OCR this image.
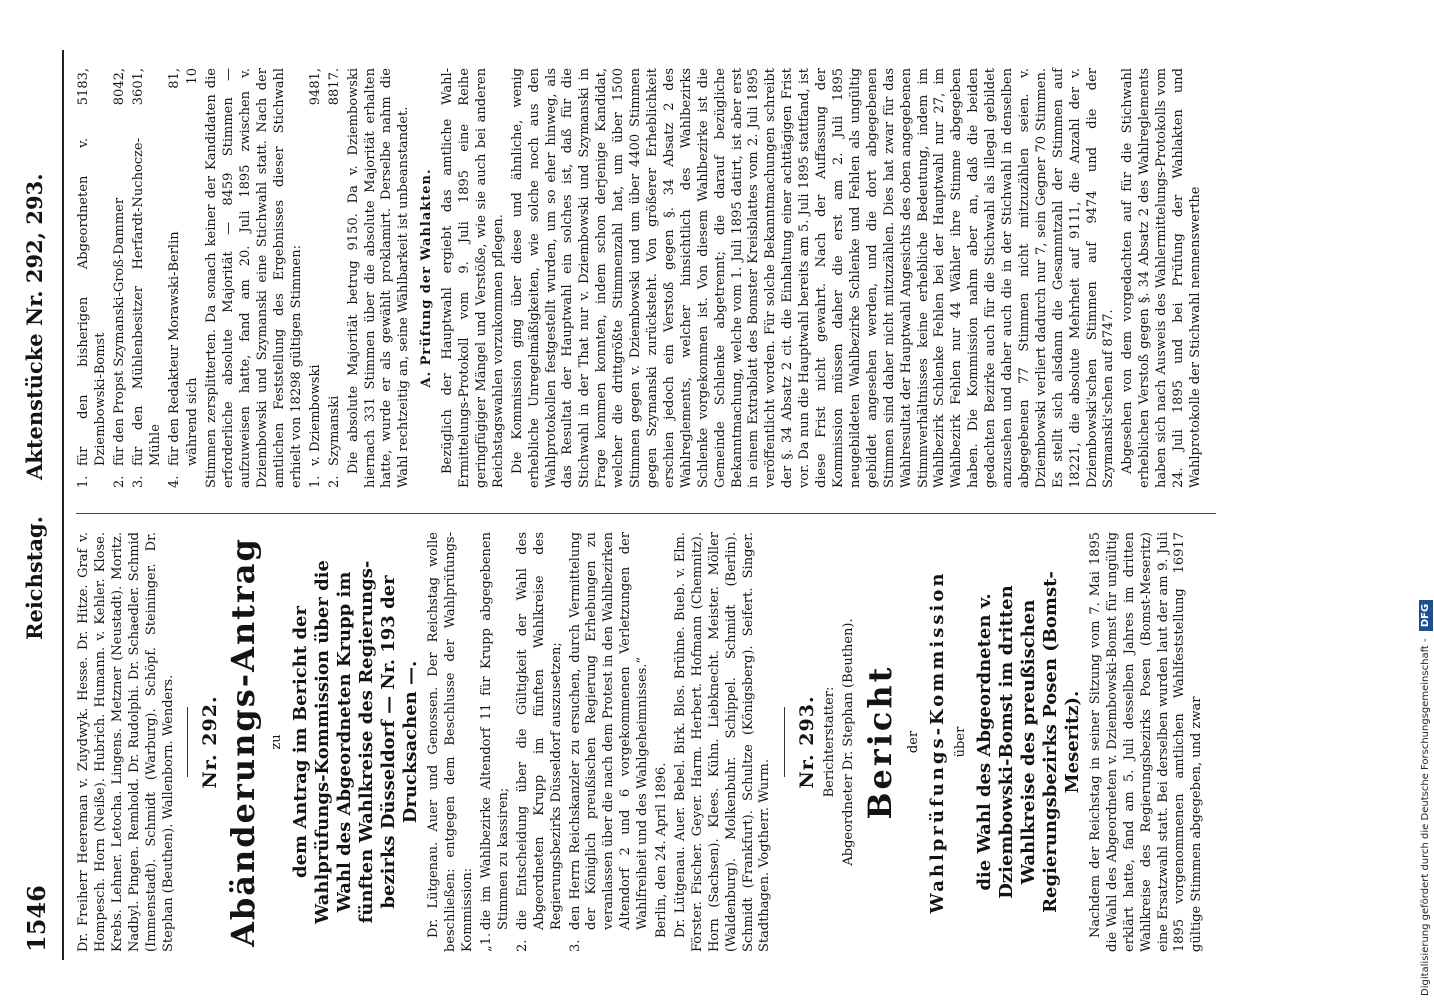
1546
Reichstag.
Aktenstücke Nr. 292, 293.

Dr. Freiherr Heereman v. Zuydwyk. Hesse. Dr. Hitze. Graf v. Hompesch. Horn (Neiße). Hubrich. Humann. v. Kehler. Klose. Krebs. Lehner. Letocha. Lingens. Metzner (Neustadt). Moritz. Nadbyl. Pingen. Remhold. Dr. Rudolphi. Dr. Schaedler. Schmid (Immenstadt). Schmidt (Warburg). Schöpf. Steininger. Dr. Stephan (Beuthen). Wallenborn. Wenders. Nr. 292. Abänderungs-Antrag zu dem Antrag im Bericht der Wahlprüfungs-Kommission über die Wahl des Abgeordneten Krupp im fünften Wahlkreise des Regierungs-bezirks Düsseldorf — Nr. 193 der Drucksachen —. Dr. Lütgenau. Auer und Genossen. Der Reichstag wolle beschließen: entgegen dem Beschlusse der Wahlprüfungs-Kommission: „1.
die im Wahlbezirke Altendorf 11 für Krupp abgegebenen Stimmen zu kassiren;

2.
die Entscheidung über die Gültigkeit der Wahl des Abgeordneten Krupp im fünften Wahlkreise des Regierungsbezirks Düsseldorf auszusetzen;

3.
den Herrn Reichskanzler zu ersuchen, durch Vermittelung der Königlich preußischen Regierung Erhebungen zu veranlassen über die nach dem Protest in den Wahlbezirken Altendorf 2 und 6 vorgekommenen Verletzungen der Wahlfreiheit und des Wahlgeheimnisses.“ Berlin, den 24. April 1896. Dr. Lütgenau. Auer. Bebel. Birk. Blos. Brühne. Bueb. v. Elm. Förster. Fischer. Geyer. Harm. Herbert. Hofmann (Chemnitz). Horn (Sachsen). Klees. Kühn. Liebknecht. Meister. Möller (Waldenburg). Molkenbuhr. Schippel. Schmidt (Berlin). Schmidt (Frankfurt). Schultze (Königsberg). Seifert. Singer. Stadthagen. Vogtherr. Wurm.

Nr. 293. Berichterstatter: Abgeordneter Dr. Stephan (Beuthen). Bericht der Wahlprüfungs-Kommission über die Wahl des Abgeordneten v. Dziembowski-Bomst im dritten Wahlkreise des preußischen Regierungsbezirks Posen (Bomst-Meseritz). Nachdem der Reichstag in seiner Sitzung vom 7. Mai 1895 die Wahl des Abgeordneten v. Dziembowski-Bomst für ungültig erklärt hatte, fand am 5. Juli desselben Jahres im dritten Wahlkreise des Regierungsbezirks Posen (Bomst-Meseritz) eine Ersatzwahl statt. Bei derselben wurden laut der am 9. Juli 1895 vorgenommenen amtlichen Wahlfeststellung 16917 gültige Stimmen abgegeben, und zwar

1.
für den bisherigen Abgeordneten v. Dziembowski-Bomst
5183,
2.
für den Propst Szymanski-Groß-Dammer
8042,
3.
für den Mühlenbesitzer Herfardt-Nuchocze-Mühle
3601,
4.
für den Redakteur Morawski-Berlin
81,
während sich
10 Stimmen zersplitterten. Da sonach keiner der Kandidaten die erforderliche absolute Majorität — 8459 Stimmen — aufzuweisen hatte, fand am 20. Juli 1895 zwischen v. Dziembowski und Szymanski eine Stichwahl statt. Nach der amtlichen Feststellung des Ergebnisses dieser Stichwahl erhielt von 18298 gültigen Stimmen: 1.
v. Dziembowski
9481,
2.
Szymanski
8817. Die absolute Majorität betrug 9150. Da v. Dziembowski hiernach 331 Stimmen über die absolute Majorität erhalten hatte, wurde er als gewählt proklamirt. Derselbe nahm die Wahl rechtzeitig an, seine Wählbarkeit ist unbeanstandet. A. Prüfung der Wahlakten. Bezüglich der Hauptwahl ergiebt das amtliche Wahl-Ermittelungs-Protokoll vom 9. Juli 1895 eine Reihe geringfügiger Mängel und Verstöße, wie sie auch bei anderen Reichstagswahlen vorzukommen pflegen. Die Kommission ging über diese und ähnliche, wenig erhebliche Unregelmäßigkeiten, wie solche noch aus den Wahlprotokollen festgestellt wurden, um so eher hinweg, als das Resultat der Hauptwahl ein solches ist, daß für die Stichwahl in der That nur v. Dziembowski und Szymanski in Frage kommen konnten, indem schon derjenige Kandidat, welcher die drittgrößte Stimmenzahl hat, um über 1500 Stimmen gegen v. Dziembowski und um über 4400 Stimmen gegen Szymanski zurücksteht. Von größerer Erheblichkeit erschien jedoch ein Verstoß gegen §. 34 Absatz 2 des Wahlreglements, welcher hinsichtlich des Wahlbezirks Schlenke vorgekommen ist. Von diesem Wahlbezirke ist die Gemeinde Schlenke abgetrennt; die darauf bezügliche Bekanntmachung, welche vom 1. Juli 1895 datirt, ist aber erst in einem Extrablatt des Bomster Kreisblattes vom 2. Juli 1895 veröffentlicht worden. Für solche Bekanntmachungen schreibt der §. 34 Absatz 2 cit. die Einhaltung einer achttägigen Frist vor. Da nun die Hauptwahl bereits am 5. Juli 1895 stattfand, ist diese Frist nicht gewahrt. Nach der Auffassung der Kommission müssen daher die erst am 2. Juli 1895 neugebildeten Wahlbezirke Schlenke und Fehlen als ungültig gebildet angesehen werden, und die dort abgegebenen Stimmen sind daher nicht mitzuzählen. Dies hat zwar für das Wahlresultat der Hauptwahl Angesichts des oben angegebenen Stimmverhältnisses keine erhebliche Bedeutung, indem im Wahlbezirk Schlenke Fehlen bei der Hauptwahl nur 27, im Wahlbezirk Fehlen nur 44 Wähler ihre Stimme abgegeben haben. Die Kommission nahm aber an, daß die beiden gedachten Bezirke auch für die Stichwahl als illegal gebildet anzusehen und daher auch die in der Stichwahl in denselben abgegebenen 77 Stimmen nicht mitzuzählen seien. v. Dziembowski verliert dadurch nur 7, sein Gegner 70 Stimmen. Es stellt sich alsdann die Gesammtzahl der Stimmen auf 18221, die absolute Mehrheit auf 9111, die Anzahl der v. Dziembowski'schen Stimmen auf 9474 und die der Szymanski'schen auf 8747. Abgesehen von dem vorgedachten auf für die Stichwahl erheblichen Verstoß gegen §. 34 Absatz 2 des Wahlreglements haben sich nach Ausweis des Wahlermittelungs-Protokolls vom 24. Juli 1895 und bei Prüfung der Wahlakten und Wahlprotokolle der Stichwahl nennenswerthe

Digitalisierung gefördert durch die Deutsche Forschungsgemeinschaft - DFG
